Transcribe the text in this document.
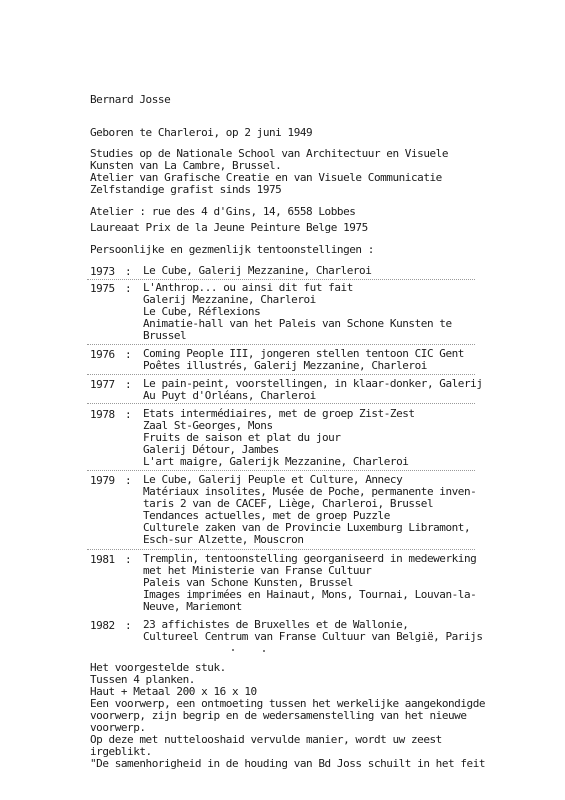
Bernard Josse
Geboren te Charleroi, op 2 juni 1949
Studies op de Nationale School van Architectuur en Visuele
Kunsten van La Cambre, Brussel.
Atelier van Grafische Creatie en van Visuele Communicatie
Zelfstandige grafist sinds 1975
Atelier : rue des 4 d'Gins, 14, 6558 Lobbes
Laureaat Prix de la Jeune Peinture Belge 1975
Persoonlijke en gezmenlijk tentoonstellingen :
1973 : Le Cube, Galerij Mezzanine, Charleroi
1975 : L'Anthrop... ou ainsi dit fut fait
Galerij Mezzanine, Charleroi
Le Cube, Réflexions
Animatie-hall van het Paleis van Schone Kunsten te
Brussel
1976 : Coming People III, jongeren stellen tentoon CIC Gent
Poêtes illustrés, Galerij Mezzanine, Charleroi
1977 : Le pain-peint, voorstellingen, in klaar-donker, Galerij
Au Puyt d'Orléans, Charleroi
1978 : Etats intermédiaires, met de groep Zist-Zest
Zaal St-Georges, Mons
Fruits de saison et plat du jour
Galerij Détour, Jambes
L'art maigre, Galerijk Mezzanine, Charleroi
1979 : Le Cube, Galerij Peuple et Culture, Annecy
Matériaux insolites, Musée de Poche, permanente inven-
taris 2 van de CACEF, Liège, Charleroi, Brussel
Tendances actuelles, met de groep Puzzle
Culturele zaken van de Provincie Luxemburg Libramont,
Esch-sur Alzette, Mouscron
1981 : Tremplin, tentoonstelling georganiseerd in medewerking
met het Ministerie van Franse Cultuur
Paleis van Schone Kunsten, Brussel
Images imprimées en Hainaut, Mons, Tournai, Louvan-la-
Neuve, Mariemont
1982 : 23 affichistes de Bruxelles et de Wallonie,
Cultureel Centrum van Franse Cultuur van België, Parijs
Het voorgestelde stuk.
Tussen 4 planken.
Haut + Metaal 200 x 16 x 10
Een voorwerp, een ontmoeting tussen het werkelijke aangekondigde
voorwerp, zijn begrip en de wedersamenstelling van het nieuwe
voorwerp.
Op deze met nuttelooshaid vervulde manier, wordt uw zeest
irgeblikt.
"De samenhorigheid in de houding van Bd Joss schuilt in het feit
